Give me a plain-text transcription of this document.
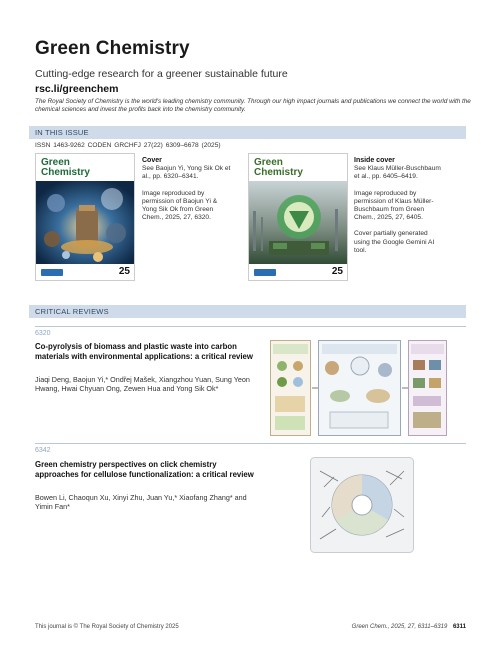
Green Chemistry
Cutting-edge research for a greener sustainable future
rsc.li/greenchem
The Royal Society of Chemistry is the world's leading chemistry community. Through our high impact journals and publications we connect the world with the chemical sciences and invest the profits back into the chemistry community.
IN THIS ISSUE
ISSN 1463-9262 CODEN GRCHFJ 27(22) 6309–6678 (2025)
Green
Chemistry
25
Cover

See Baojun Yi, Yong Sik Ok et al., pp. 6320–6341.

Image reproduced by permission of Baojun Yi & Yong Sik Ok from Green Chem., 2025, 27, 6320.

Green
Chemistry
25
Inside cover

See Klaus Müller-Buschbaum et al., pp. 6405–6419.

Image reproduced by permission of Klaus Müller-Buschbaum from Green Chem., 2025, 27, 6405.

Cover partially generated using the Google Gemini AI tool.

CRITICAL REVIEWS
6320
Co-pyrolysis of biomass and plastic waste into carbon materials with environmental applications: a critical review
Jiaqi Deng, Baojun Yi,* Ondřej Mašek, Xiangzhou Yuan, Sung Yeon Hwang, Hwai Chyuan Ong, Zewen Hua and Yong Sik Ok*
6342
Green chemistry perspectives on click chemistry approaches for cellulose functionalization: a critical review
Bowen Li, Chaoqun Xu, Xinyi Zhu, Juan Yu,* Xiaofang Zhang* and Yimin Fan*
This journal is © The Royal Society of Chemistry 2025	Green Chem., 2025, 27, 6311–6319 6311
